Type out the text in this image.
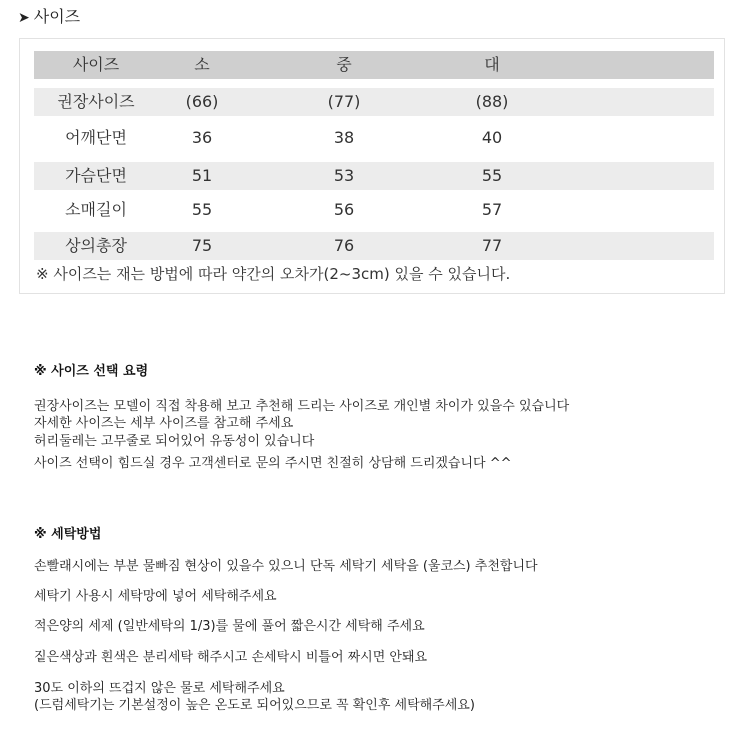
➤ 사이즈
사이즈	소	중	대
권장사이즈	(66)	(77)	(88)
어깨단면	36	38	40
가슴단면	51	53	55
소매길이	55	56	57
상의총장	75	76	77
※ 사이즈는 재는 방법에 따라 약간의 오차가(2~3cm) 있을 수 있습니다.
※ 사이즈 선택 요령
권장사이즈는 모델이 직접 착용해 보고 추천해 드리는 사이즈로 개인별 차이가 있을수 있습니다
자세한 사이즈는 세부 사이즈를 참고해 주세요
허리둘레는 고무줄로 되어있어 유동성이 있습니다
사이즈 선택이 힘드실 경우 고객센터로 문의 주시면 친절히 상담해 드리겠습니다 ^^
※ 세탁방법
손빨래시에는 부분 물빠짐 현상이 있을수 있으니 단독 세탁기 세탁을 (울코스) 추천합니다
세탁기 사용시 세탁망에 넣어 세탁해주세요
적은양의 세제 (일반세탁의 1/3)를 물에 풀어 짧은시간 세탁해 주세요
짙은색상과 흰색은 분리세탁 해주시고 손세탁시 비틀어 짜시면 안돼요
30도 이하의 뜨겁지 않은 물로 세탁해주세요
(드럼세탁기는 기본설정이 높은 온도로 되어있으므로 꼭 확인후 세탁해주세요)
